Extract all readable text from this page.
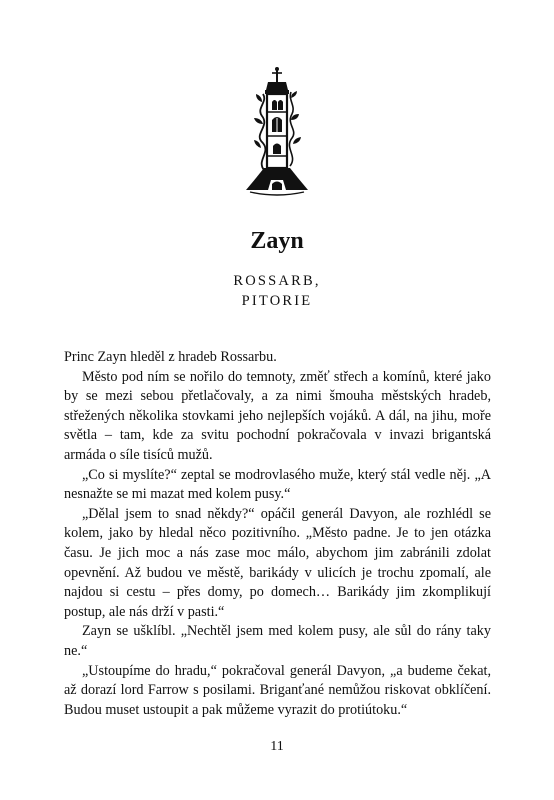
Zayn
ROSSARB,
PITORIE

Princ Zayn hleděl z hradeb Rossarbu.

Město pod ním se nořilo do temnoty, změť střech a komínů, které jako by se mezi sebou přetlačovaly, a za nimi šmouha městských hradeb, střežených několika stovkami jeho nejlepších vojáků. A dál, na jihu, moře světla – tam, kde za svitu pochodní pokračovala v invazi brigantská armáda o síle tisíců mužů.

„Co si myslíte?“ zeptal se modrovlasého muže, který stál vedle něj. „A nesnažte se mi mazat med kolem pusy.“

„Dělal jsem to snad někdy?“ opáčil generál Davyon, ale rozhlédl se kolem, jako by hledal něco pozitivního. „Město padne. Je to jen otázka času. Je jich moc a nás zase moc málo, abychom jim zabránili zdolat opevnění. Až budou ve městě, barikády v ulicích je trochu zpomalí, ale najdou si cestu – přes domy, po domech… Barikády jim zkomplikují postup, ale nás drží v pasti.“

Zayn se ušklíbl. „Nechtěl jsem med kolem pusy, ale sůl do rány taky ne.“

„Ustoupíme do hradu,“ pokračoval generál Davyon, „a budeme čekat, až dorazí lord Farrow s posilami. Briganťané nemůžou riskovat obklíčení. Budou muset ustoupit a pak můžeme vyrazit do protiútoku.“

11
